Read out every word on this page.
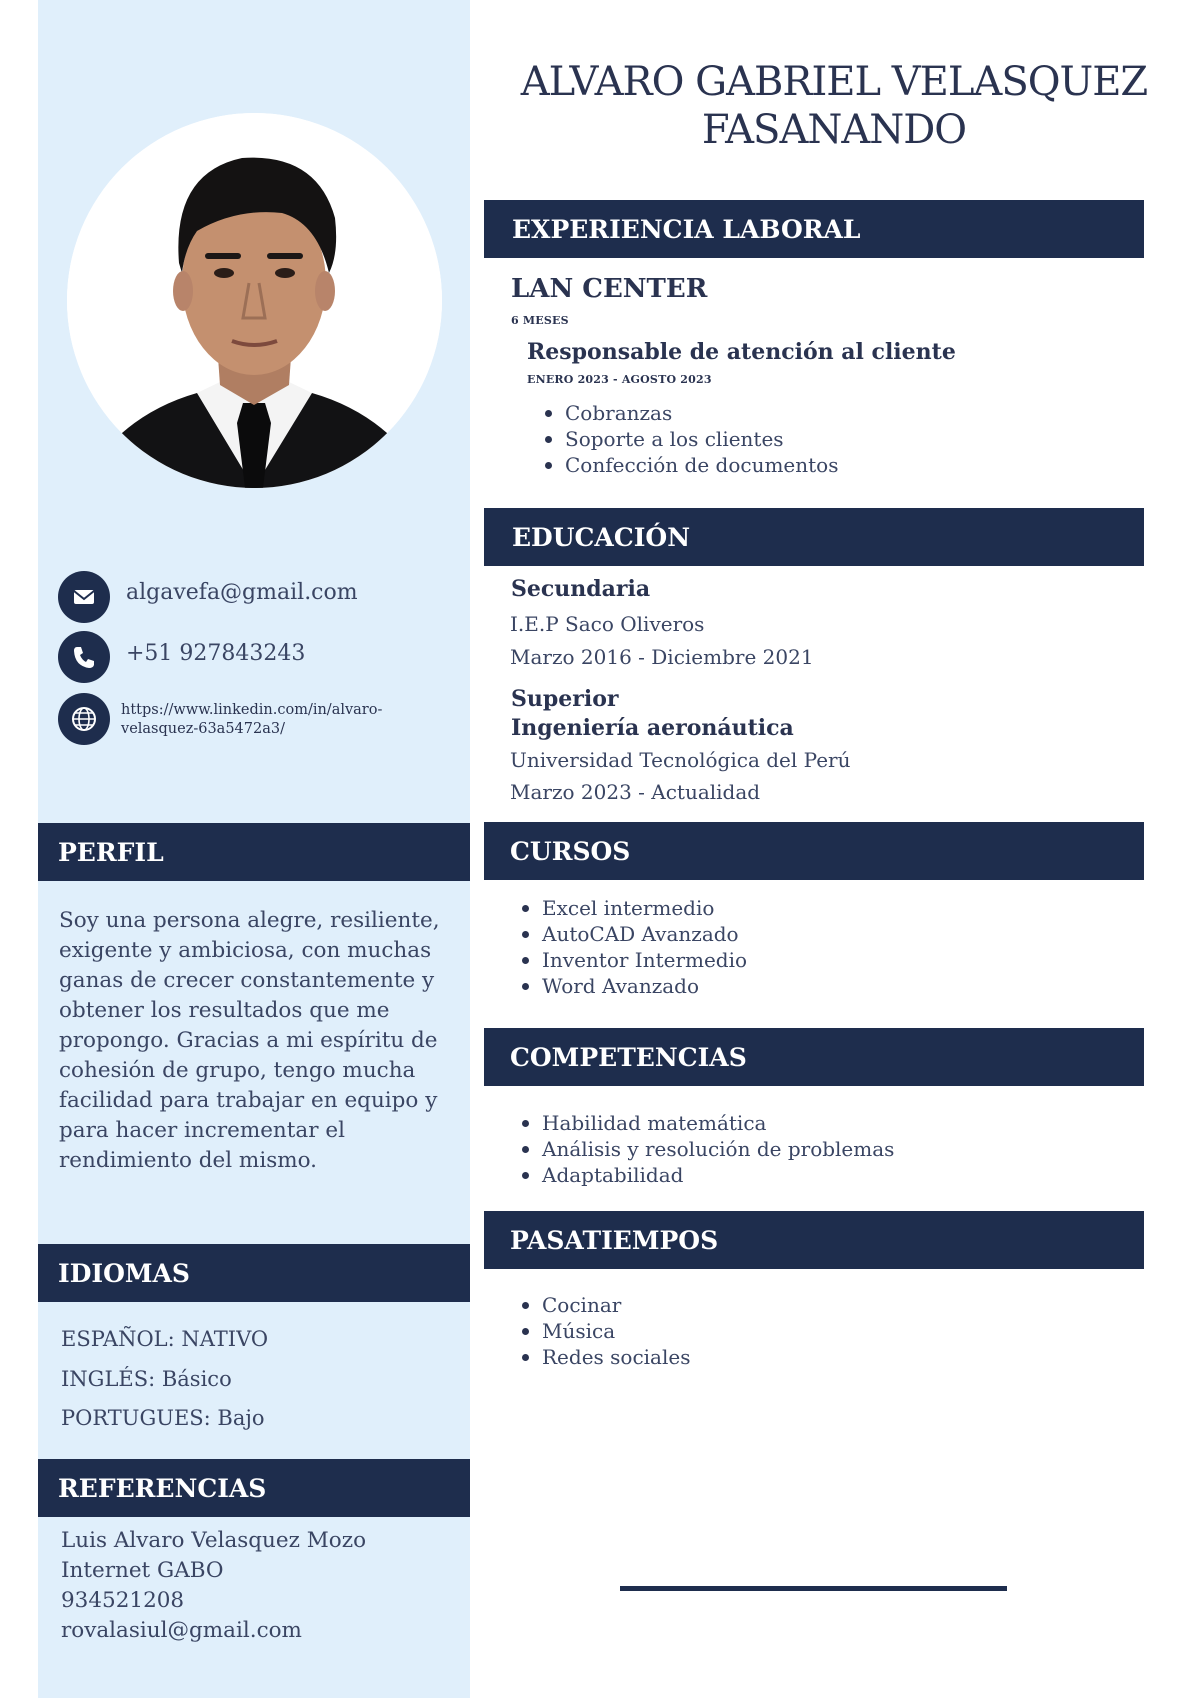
algavefa@gmail.com
+51 927843243
https://www.linkedin.com/in/alvaro-
velasquez-63a5472a3/
PERFIL
Soy una persona alegre, resiliente, exigente y ambiciosa, con muchas ganas de crecer constantemente y obtener los resultados que me propongo. Gracias a mi espíritu de cohesión de grupo, tengo mucha facilidad para trabajar en equipo y para hacer incrementar el rendimiento del mismo.
IDIOMAS
ESPAÑOL: NATIVO
INGLÉS: Básico
PORTUGUES: Bajo
REFERENCIAS
Luis Alvaro Velasquez Mozo
Internet GABO
934521208
rovalasiul@gmail.com
ALVARO GABRIEL VELASQUEZ
FASANANDO
EXPERIENCIA LABORAL
LAN CENTER
6 MESES
Responsable de atención al cliente
ENERO 2023 - AGOSTO 2023
Cobranzas
Soporte a los clientes
Confección de documentos
EDUCACIÓN
Secundaria
I.E.P Saco Oliveros
Marzo 2016 - Diciembre 2021
Superior
Ingeniería aeronáutica
Universidad Tecnológica del Perú
Marzo 2023 - Actualidad
CURSOS
Excel intermedio
AutoCAD Avanzado
Inventor Intermedio
Word Avanzado
COMPETENCIAS
Habilidad matemática
Análisis y resolución de problemas
Adaptabilidad
PASATIEMPOS
Cocinar
Música
Redes sociales
